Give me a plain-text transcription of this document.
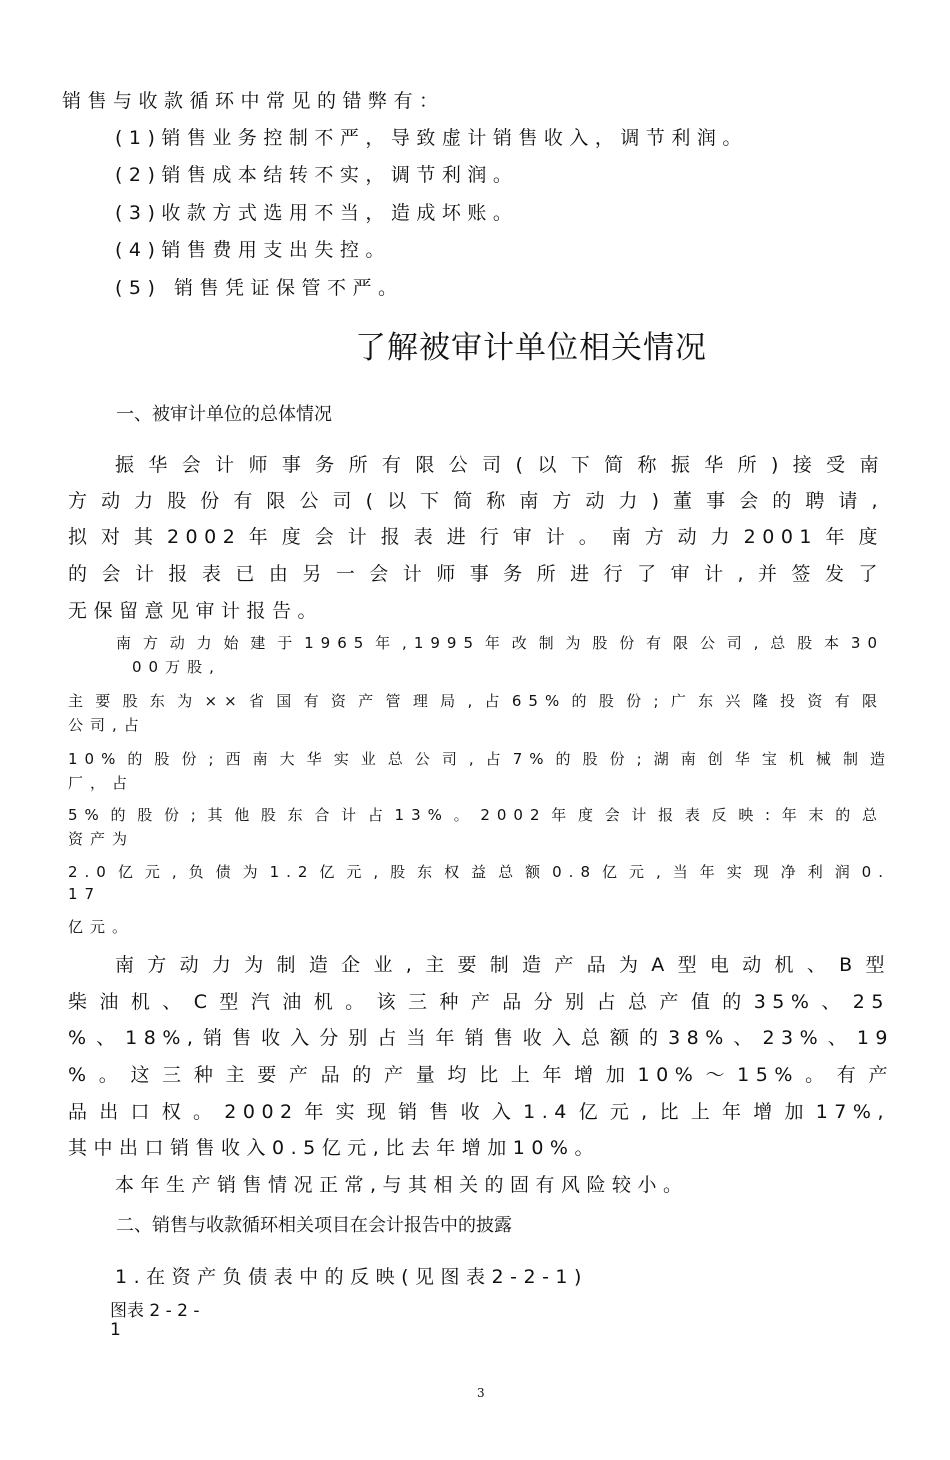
销售与收款循环中常见的错弊有：
(1)销售业务控制不严，导致虚计销售收入，调节利润。
(2)销售成本结转不实，调节利润。
(3)收款方式选用不当，造成坏账。
(4)销售费用支出失控。
(5) 销售凭证保管不严。
了解被审计单位相关情况
一、被审计单位的总体情况
振华会计师事务所有限公司(以下简称振华所)接受南
方动力股份有限公司(以下简称南方动力)董事会的聘请,
拟对其2002年度会计报表进行审计。南方动力2001年度
的会计报表已由另一会计师事务所进行了审计,并签发了
无保留意见审计报告。
南方动力始建于1965年,1995年改制为股份有限公司,总股本30
00万股,
主要股东为××省国有资产管理局,占65%的股份;广东兴隆投资有限
公司,占
10%的股份;西南大华实业总公司,占7%的股份;湖南创华宝机械制造
厂，占
5%的股份;其他股东合计占13%。2002年度会计报表反映:年末的总
资产为
2.0亿元,负债为1.2亿元,股东权益总额0.8亿元,当年实现净利润0.
17
亿元。
南方动力为制造企业,主要制造产品为A型电动机、B型
柴油机、C型汽油机。该三种产品分别占总产值的35%、25
%、18%,销售收入分别占当年销售收入总额的38%、23%、19
%。这三种主要产品的产量均比上年增加10%～15%。有产
品出口权。2002年实现销售收入1.4亿元,比上年增加17%,
其中出口销售收入0.5亿元,比去年增加10%。
本年生产销售情况正常,与其相关的固有风险较小。
二、销售与收款循环相关项目在会计报告中的披露
1.在资产负债表中的反映(见图表2-2-1)
图表 2 - 2 -
1
3
